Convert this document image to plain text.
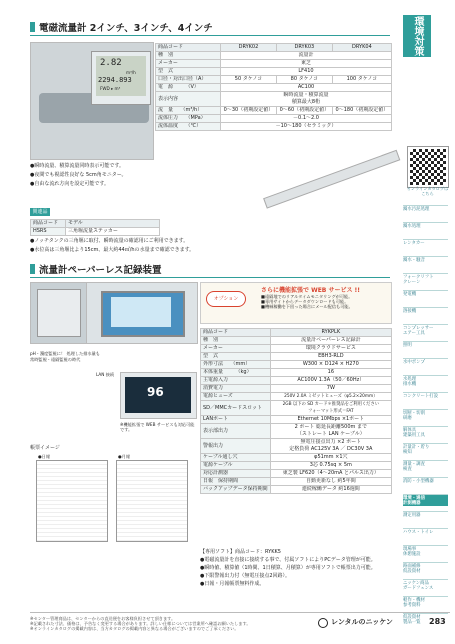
電磁流量計 2インチ、3インチ、4インチ
2.82
m³/h
2294.893
FWD ▸ m³
商品コード	DRYK02	DRYK03	DRYK04
種　別	流量計		
メーカー	東芝		
型　式	LF410		
口径・対出口径（A）	50 タケノコ	80 タケノコ	100 タケノコ
電　源　　　（V）	AC100		
表示内容	瞬時流量・積算流量
積算最大8桁		

流　量　　（m³/h）	0～30（初期設定値）	0～60（初期設定値）	0～180（初期設定値）
流体圧力　　（MPa）	－0.1～2.0		
流体温度　　（℃）	－10～180（セラミック）		
●瞬時流量、積算流量同時表示可能です。
●夜間でも視認性良好な 5cm角モニター。
●自由な流れ方向を設定可能です。
関連品
商品コード	モデル
HSRS	三角堰流量ステッカー
●ノッチタンクの三角堰に取付、瞬時流量の確認用にご利用できます。
●水位高は三角堰比より15cm、最大約44㎡/hの水量まで確認できます。
流量計ペーパーレス記録装置
オプション
さらに機能拡張で WEB サービス !!
■遠隔地でのリアルタイムモニタリングが可能。
■専用サイトからデータダウンロードも可能。
■機械稼働を下回った場合にメール配信も可能。
pH・濁度監視に！ 処理した排水量も
常時監視・遠隔監視の時代
96
LAN 接続
※機能拡張で WEB サービスも対応可能です。
帳票イメージ
●日報	●月報
商品コード	RYKPLK
種　別	流量計ペーパーレス記録計
メーカー	環境クラウドサービス
型　式	EBH3-RLD
外形寸法　　（mm）	W300 × D124 × H270
本体重量　　　（kg）	16
主電源入力	AC100V 1.3A（50／60Hz）
消費電力	7W
電源ヒューズ	250V 2.0A ミゼットヒューズ（φ5.2×20mm）
SD／MMCカードスロット	2GB 以下の SD カード＊推奨品をご利用ください
フォーマット形式＝FAT

LANポート	Ethernet 10Mbps ×1ポート
表示部出力	2 ポート 総延長距離500m まで
（ストレート LAN ケーブル）

警報出力	無電圧接点出力 ×2 ポート
定格負荷 AC125V 3A ／ DC30V 3A

ケーブル通し穴	φ51mm ×1穴
電源ケーブル	3芯 0.75sq × 5m
対応計測器	東芝製 LF620（4～20mA とパルス出力）
日報　保持期間	自動更新なし 約5年間
バックアップデータ保持期間	連続稼働データ 約16週間
【専用ソフト】商品コード：RYKK5
●電磁流量計を直接に接続する事で、付属ソフトによりPCデータ管理が可能。
●瞬時値、積算値（1時間、1日積算、月積算）が専用ソフトで帳票出力可能。
●下限警報出力付（無電圧接点2回路）。
●日報・月報帳票無料作成。
環境対策
オンラインカタログは
こちら
濁水汚泥処理
濁水処理
レンタカー
濁水・騒音
フォークリフト
クレーン
発電機
溶接機
コンプレッサー
エアー工具
照明
水中ポンプ
水処理
排水機
コンクリート打設
切断・切削
研磨
解体具
建築用工具
計量計・貯り
検知
測量・調査
検査
消防・小型機器
環境・通信
計測機器
測定用器
ハウス・トイレ
現場事
休憩施設
路面補修
仮設資材
ニッケン商品
ガードフェンス
軽作・機材
参考資料
仮設資材
製品一覧
※センター管理商品は、センターからの直送便をお客様負担させて頂きます。
※記載された寸法、価格は、予告なく変更する場合があります。詳しい仕様については営業所へ確認お願いたします。
※オンラインカタログの掲載内容は、当方カタログの掲載内容と異なる場合がございますのでご了承ください。
レンタルのニッケン	283
